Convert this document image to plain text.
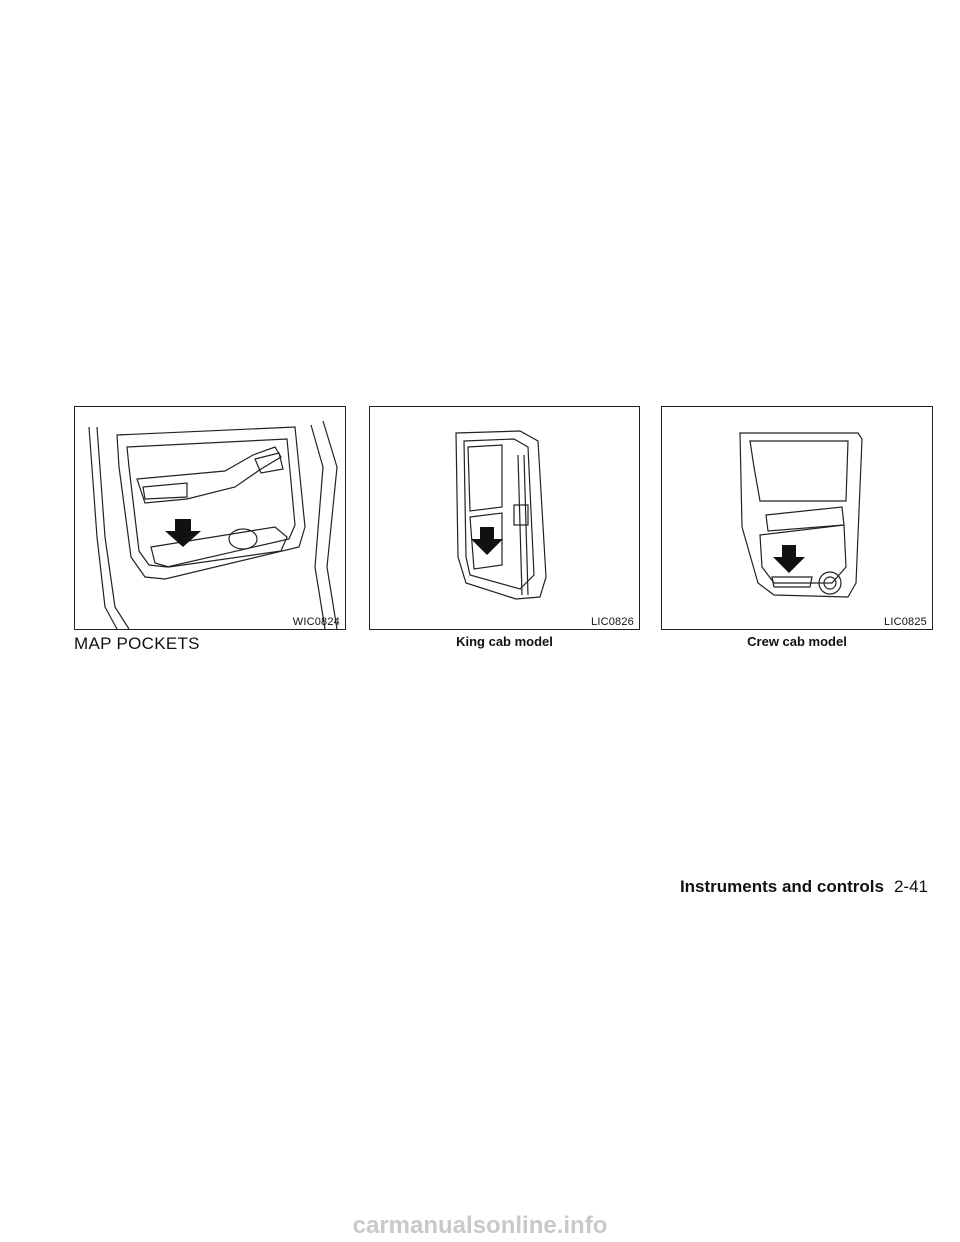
WIC0824	LIC0826	LIC0825
MAP POCKETS	King cab model	Crew cab model
Instruments and controls 2-41
carmanualsonline.info
